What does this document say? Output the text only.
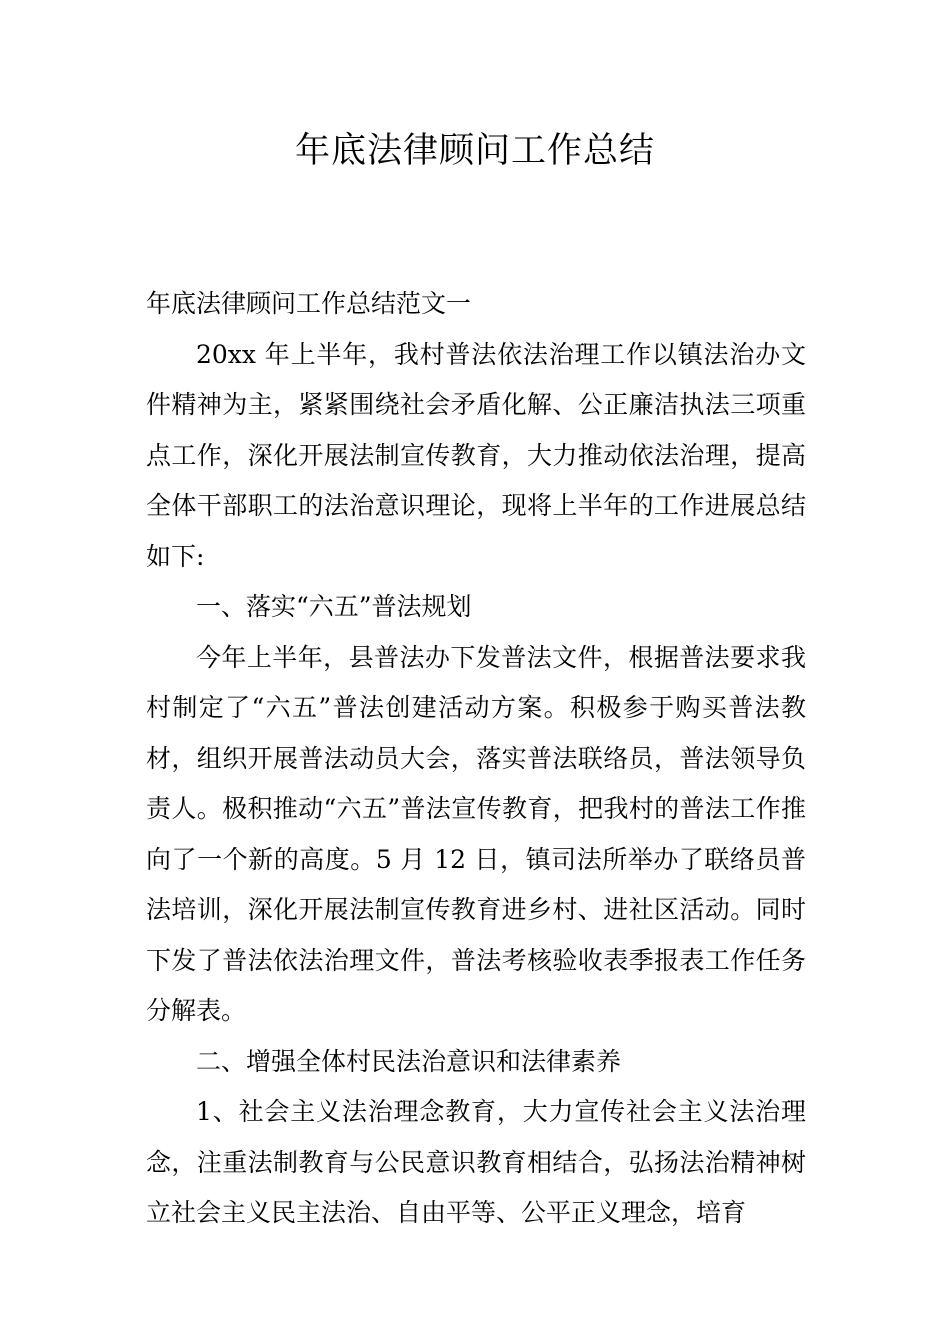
年底法律顾问工作总结

年底法律顾问工作总结范文一

20xx 年上半年，我村普法依法治理工作以镇法治办文件精神为主，紧紧围绕社会矛盾化解、公正廉洁执法三项重点工作，深化开展法制宣传教育，大力推动依法治理，提高全体干部职工的法治意识理论，现将上半年的工作进展总结如下:

一、落实“六五”普法规划

今年上半年，县普法办下发普法文件，根据普法要求我村制定了“六五”普法创建活动方案。积极参于购买普法教材，组织开展普法动员大会，落实普法联络员，普法领导负责人。极积推动“六五”普法宣传教育，把我村的普法工作推向了一个新的高度。5 月 12 日，镇司法所举办了联络员普法培训，深化开展法制宣传教育进乡村、进社区活动。同时下发了普法依法治理文件，普法考核验收表季报表工作任务分解表。

二、增强全体村民法治意识和法律素养

1、社会主义法治理念教育，大力宣传社会主义法治理念，注重法制教育与公民意识教育相结合，弘扬法治精神树立社会主义民主法治、自由平等、公平正义理念，培育
